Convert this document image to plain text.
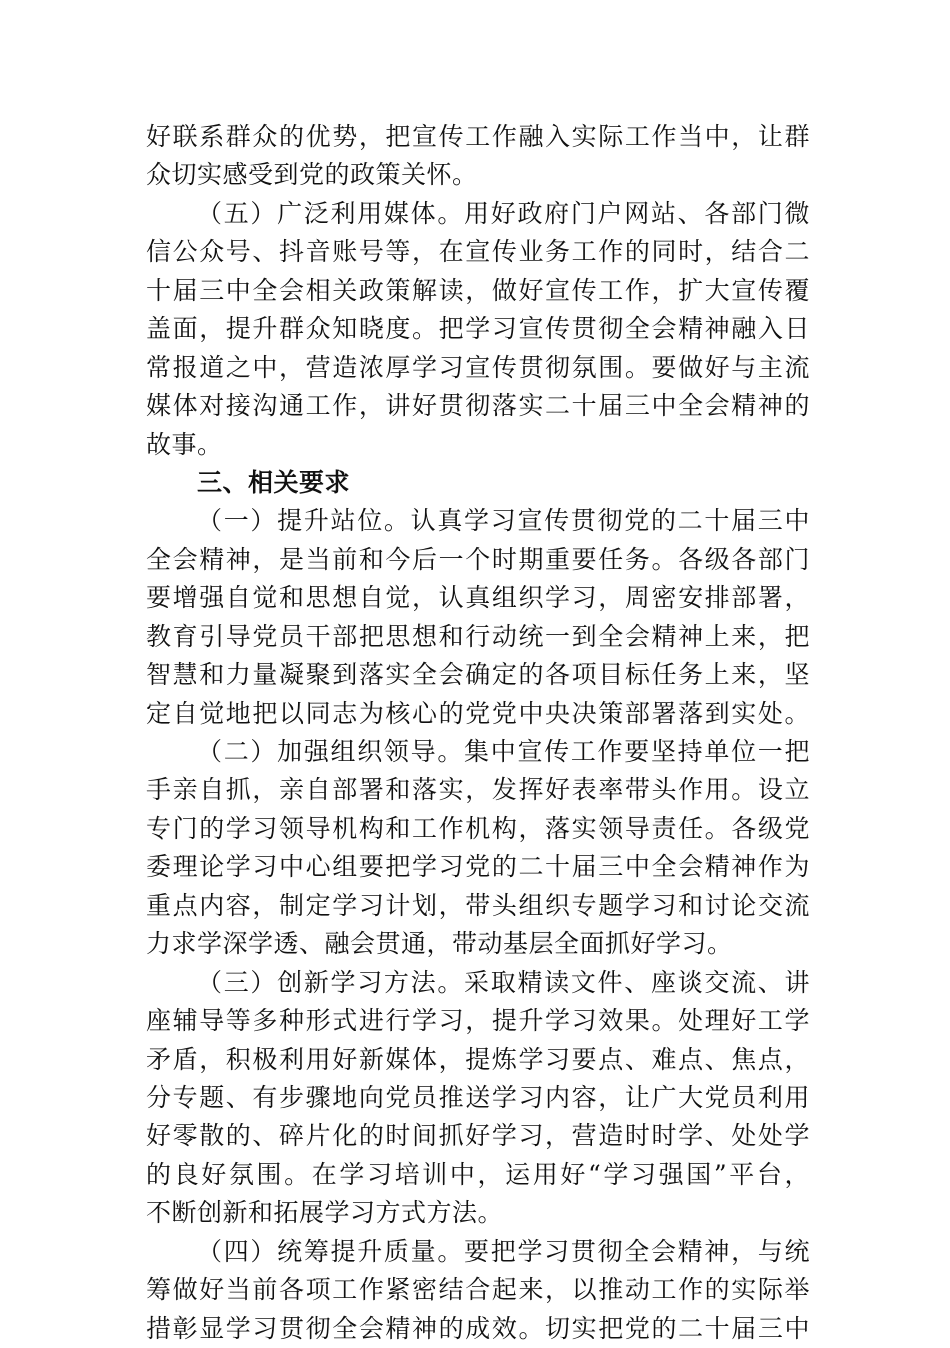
好联系群众的优势，把宣传工作融入实际工作当中，让群
众切实感受到党的政策关怀。
（五）广泛利用媒体。用好政府门户网站、各部门微
信公众号、抖音账号等，在宣传业务工作的同时，结合二
十届三中全会相关政策解读，做好宣传工作，扩大宣传覆
盖面，提升群众知晓度。把学习宣传贯彻全会精神融入日
常报道之中，营造浓厚学习宣传贯彻氛围。要做好与主流
媒体对接沟通工作，讲好贯彻落实二十届三中全会精神的
故事。
三、相关要求
（一）提升站位。认真学习宣传贯彻党的二十届三中
全会精神，是当前和今后一个时期重要任务。各级各部门
要增强自觉和思想自觉，认真组织学习，周密安排部署，
教育引导党员干部把思想和行动统一到全会精神上来，把
智慧和力量凝聚到落实全会确定的各项目标任务上来，坚
定自觉地把以同志为核心的党党中央决策部署落到实处。
（二）加强组织领导。集中宣传工作要坚持单位一把
手亲自抓，亲自部署和落实，发挥好表率带头作用。设立
专门的学习领导机构和工作机构，落实领导责任。各级党
委理论学习中心组要把学习党的二十届三中全会精神作为
重点内容，制定学习计划，带头组织专题学习和讨论交流
力求学深学透、融会贯通，带动基层全面抓好学习。
（三）创新学习方法。采取精读文件、座谈交流、讲
座辅导等多种形式进行学习，提升学习效果。处理好工学
矛盾，积极利用好新媒体，提炼学习要点、难点、焦点，
分专题、有步骤地向党员推送学习内容，让广大党员利用
好零散的、碎片化的时间抓好学习，营造时时学、处处学
的良好氛围。在学习培训中，运用好“学习强国”平台，
不断创新和拓展学习方式方法。
（四）统筹提升质量。要把学习贯彻全会精神，与统
筹做好当前各项工作紧密结合起来，以推动工作的实际举
措彰显学习贯彻全会精神的成效。切实把党的二十届三中
